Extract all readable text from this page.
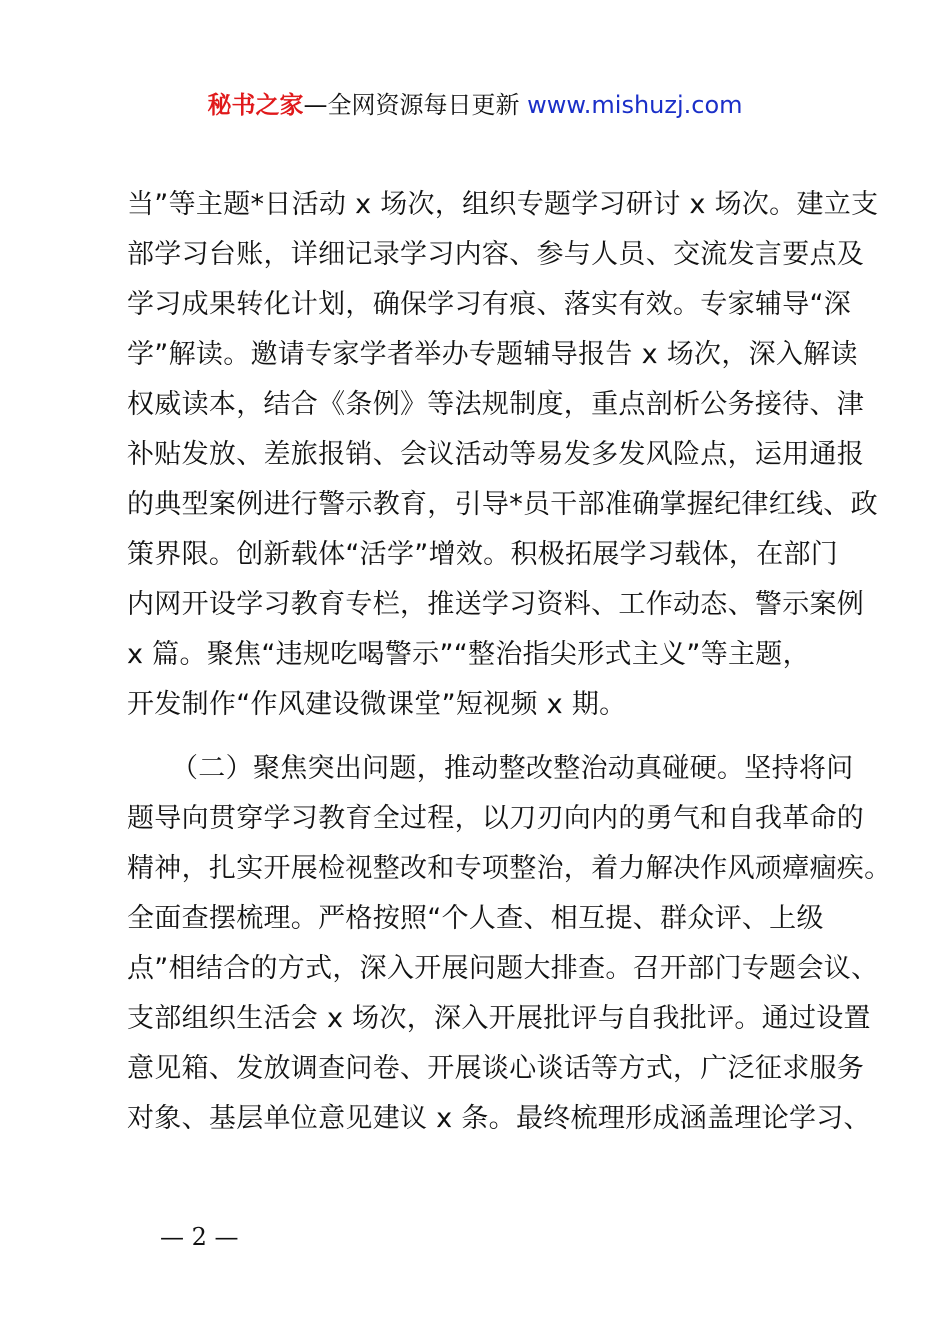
秘书之家—全网资源每日更新 www.mishuzj.com
当”等主题*日活动 x 场次，组织专题学习研讨 x 场次。建立支
部学习台账，详细记录学习内容、参与人员、交流发言要点及
学习成果转化计划，确保学习有痕、落实有效。专家辅导“深
学”解读。邀请专家学者举办专题辅导报告 x 场次，深入解读
权威读本，结合《条例》等法规制度，重点剖析公务接待、津
补贴发放、差旅报销、会议活动等易发多发风险点，运用通报
的典型案例进行警示教育，引导*员干部准确掌握纪律红线、政
策界限。创新载体“活学”增效。积极拓展学习载体，在部门
内网开设学习教育专栏，推送学习资料、工作动态、警示案例
x 篇。聚焦“违规吃喝警示”“整治指尖形式主义”等主题，
开发制作“作风建设微课堂”短视频 x 期。
（二）聚焦突出问题，推动整改整治动真碰硬。坚持将问
题导向贯穿学习教育全过程，以刀刃向内的勇气和自我革命的
精神，扎实开展检视整改和专项整治，着力解决作风顽瘴痼疾。
全面查摆梳理。严格按照“个人查、相互提、群众评、上级
点”相结合的方式，深入开展问题大排查。召开部门专题会议、
支部组织生活会 x 场次，深入开展批评与自我批评。通过设置
意见箱、发放调查问卷、开展谈心谈话等方式，广泛征求服务
对象、基层单位意见建议 x 条。最终梳理形成涵盖理论学习、
— 2 —
